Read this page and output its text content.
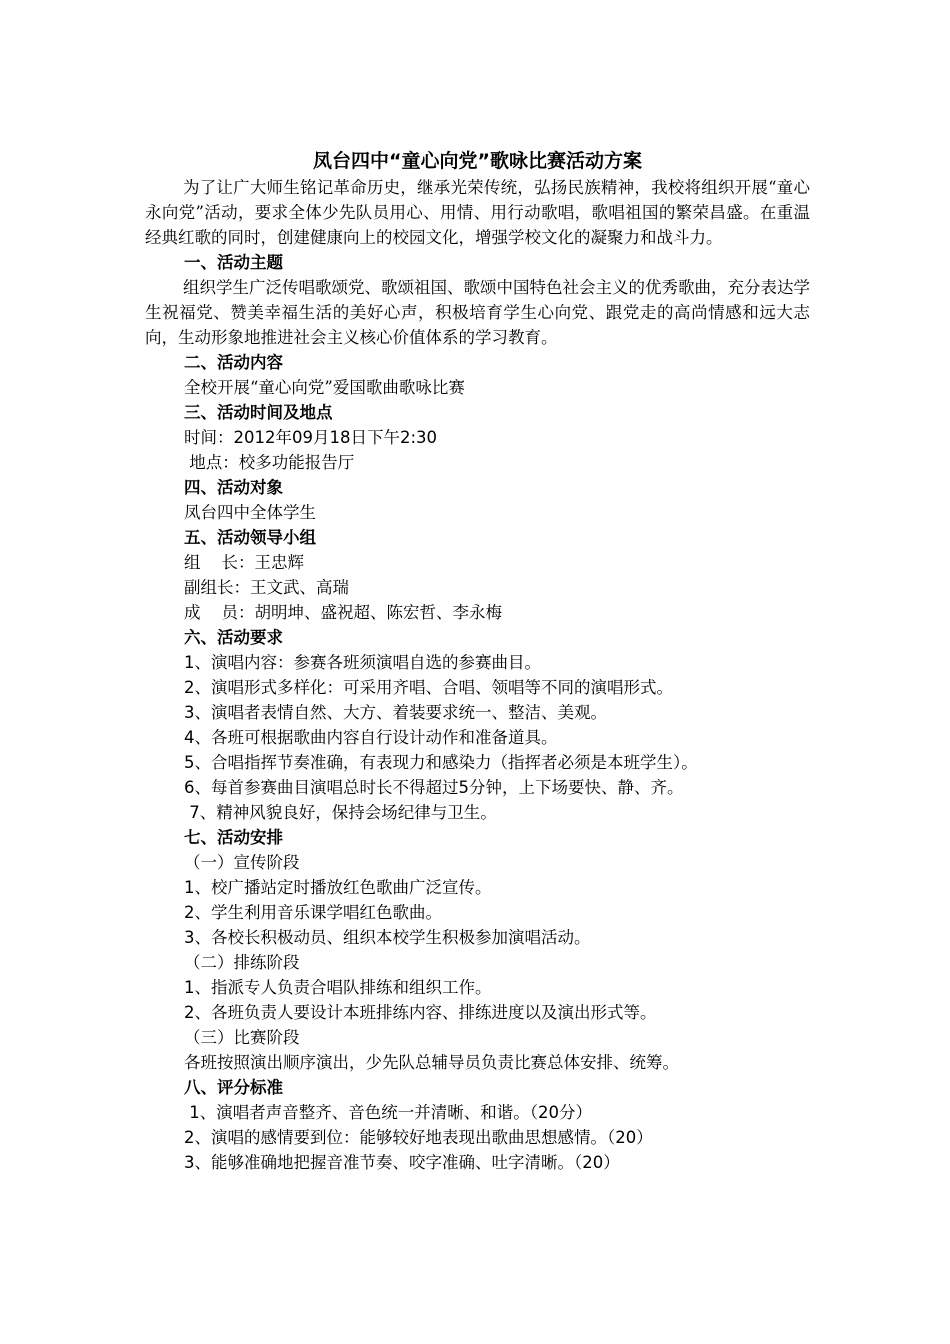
凤台四中“童心向党”歌咏比赛活动方案

为了让广大师生铭记革命历史，继承光荣传统，弘扬民族精神，我校将组织开展“童心永向党”活动，要求全体少先队员用心、用情、用行动歌唱，歌唱祖国的繁荣昌盛。在重温经典红歌的同时，创建健康向上的校园文化，增强学校文化的凝聚力和战斗力。

一、活动主题

组织学生广泛传唱歌颂党、歌颂祖国、歌颂中国特色社会主义的优秀歌曲，充分表达学生祝福党、赞美幸福生活的美好心声，积极培育学生心向党、跟党走的高尚情感和远大志向，生动形象地推进社会主义核心价值体系的学习教育。

二、活动内容
全校开展“童心向党”爱国歌曲歌咏比赛
三、活动时间及地点
时间：2012年09月18日下午2:30
地点：校多功能报告厅
四、活动对象
凤台四中全体学生
五、活动领导小组
组    长：王忠辉
副组长：王文武、高瑞
成    员：胡明坤、盛祝超、陈宏哲、李永梅
六、活动要求
1、演唱内容：参赛各班须演唱自选的参赛曲目。
2、演唱形式多样化：可采用齐唱、合唱、领唱等不同的演唱形式。
3、演唱者表情自然、大方、着装要求统一、整洁、美观。
4、各班可根据歌曲内容自行设计动作和准备道具。
5、合唱指挥节奏准确，有表现力和感染力（指挥者必须是本班学生）。
6、每首参赛曲目演唱总时长不得超过5分钟，上下场要快、静、齐。
7、精神风貌良好，保持会场纪律与卫生。
七、活动安排
（一）宣传阶段
1、校广播站定时播放红色歌曲广泛宣传。
2、学生利用音乐课学唱红色歌曲。
3、各校长积极动员、组织本校学生积极参加演唱活动。
（二）排练阶段
1、指派专人负责合唱队排练和组织工作。
2、各班负责人要设计本班排练内容、排练进度以及演出形式等。
（三）比赛阶段
各班按照演出顺序演出，少先队总辅导员负责比赛总体安排、统筹。
八、评分标准
1、演唱者声音整齐、音色统一并清晰、和谐。（20分）
2、演唱的感情要到位：能够较好地表现出歌曲思想感情。（20）
3、能够准确地把握音准节奏、咬字准确、吐字清晰。（20）
